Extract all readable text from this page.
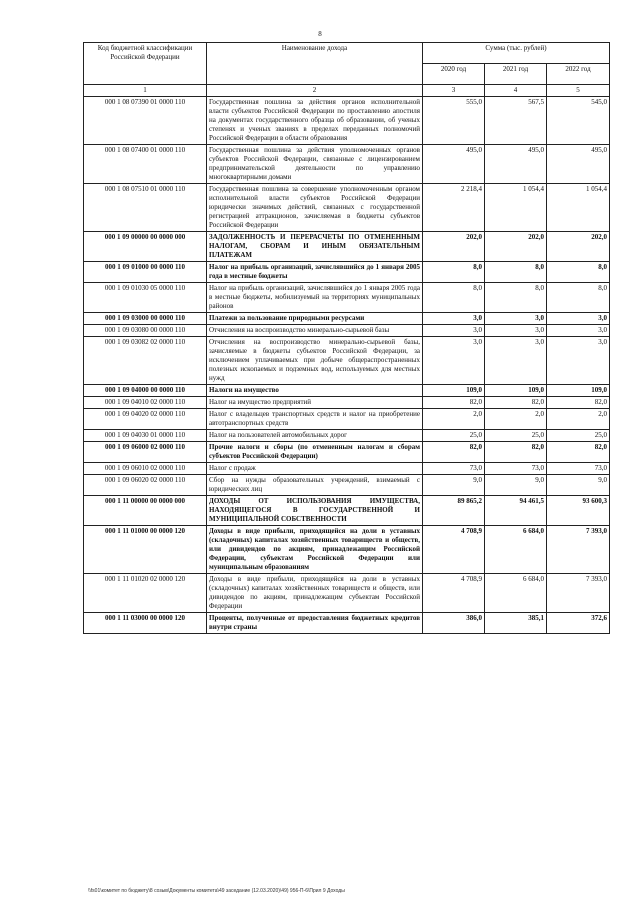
8
Код бюджетной классификации Российской Федерации	Наименование дохода	Сумма (тыс. рублей)		
		2020 год	2021 год	2022 год
1	2	3	4	5
000 1 08 07390 01 0000 110	Государственная пошлина за действия органов исполнительной власти субъектов Российской Федерации по проставлению апостиля на документах государственного образца об образовании, об ученых степенях и ученых званиях в пределах переданных полномочий Российской Федерации в области образования	555,0	567,5	545,0
000 1 08 07400 01 0000 110	Государственная пошлина за действия уполномоченных органов субъектов Российской Федерации, связанные с лицензированием предпринимательской деятельности по управлению многоквартирными домами	495,0	495,0	495,0
000 1 08 07510 01 0000 110	Государственная пошлина за совершение уполномоченным органом исполнительной власти субъектов Российской Федерации юридически значимых действий, связанных с государственной регистрацией аттракционов, зачисляемая в бюджеты субъектов Российской Федерации	2 218,4	1 054,4	1 054,4
000 1 09 00000 00 0000 000	ЗАДОЛЖЕННОСТЬ И ПЕРЕРАСЧЕТЫ ПО ОТМЕНЕННЫМ НАЛОГАМ, СБОРАМ И ИНЫМ ОБЯЗАТЕЛЬНЫМ ПЛАТЕЖАМ	202,0	202,0	202,0
000 1 09 01000 00 0000 110	Налог на прибыль организаций, зачислявшийся до 1 января 2005 года в местные бюджеты	8,0	8,0	8,0
000 1 09 01030 05 0000 110	Налог на прибыль организаций, зачислявшийся до 1 января 2005 года в местные бюджеты, мобилизуемый на территориях муниципальных районов	8,0	8,0	8,0
000 1 09 03000 00 0000 110	Платежи за пользование природными ресурсами	3,0	3,0	3,0
000 1 09 03080 00 0000 110	Отчисления на воспроизводство минерально-сырьевой базы	3,0	3,0	3,0
000 1 09 03082 02 0000 110	Отчисления на воспроизводство минерально-сырьевой базы, зачисляемые в бюджеты субъектов Российской Федерации, за исключением уплачиваемых при добыче общераспространенных полезных ископаемых и подземных вод, используемых для местных нужд	3,0	3,0	3,0
000 1 09 04000 00 0000 110	Налоги на имущество	109,0	109,0	109,0
000 1 09 04010 02 0000 110	Налог на имущество предприятий	82,0	82,0	82,0
000 1 09 04020 02 0000 110	Налог с владельцев транспортных средств и налог на приобретение автотранспортных средств	2,0	2,0	2,0
000 1 09 04030 01 0000 110	Налог на пользователей автомобильных дорог	25,0	25,0	25,0
000 1 09 06000 02 0000 110	Прочие налоги и сборы (по отмененным налогам и сборам субъектов Российской Федерации)	82,0	82,0	82,0
000 1 09 06010 02 0000 110	Налог с продаж	73,0	73,0	73,0
000 1 09 06020 02 0000 110	Сбор на нужды образовательных учреждений, взимаемый с юридических лиц	9,0	9,0	9,0
000 1 11 00000 00 0000 000	ДОХОДЫ ОТ ИСПОЛЬЗОВАНИЯ ИМУЩЕСТВА, НАХОДЯЩЕГОСЯ В ГОСУДАРСТВЕННОЙ И МУНИЦИПАЛЬНОЙ СОБСТВЕННОСТИ	89 865,2	94 461,5	93 600,3
000 1 11 01000 00 0000 120	Доходы в виде прибыли, приходящейся на доли в уставных (складочных) капиталах хозяйственных товариществ и обществ, или дивидендов по акциям, принадлежащим Российской Федерации, субъектам Российской Федерации или муниципальным образованиям	4 708,9	6 684,0	7 393,0
000 1 11 01020 02 0000 120	Доходы в виде прибыли, приходящейся на доли в уставных (складочных) капиталах хозяйственных товариществ и обществ, или дивидендов по акциям, принадлежащим субъектам Российской Федерации	4 708,9	6 684,0	7 393,0
000 1 11 03000 00 0000 120	Проценты, полученные от предоставления бюджетных кредитов внутри страны	386,0	385,1	372,6
\\fs01\комитет по бюджету\8 созыв\Документы комитета\49 заседание (12.03.2020)\49) 956-П-6\Прил 9 Доходы
